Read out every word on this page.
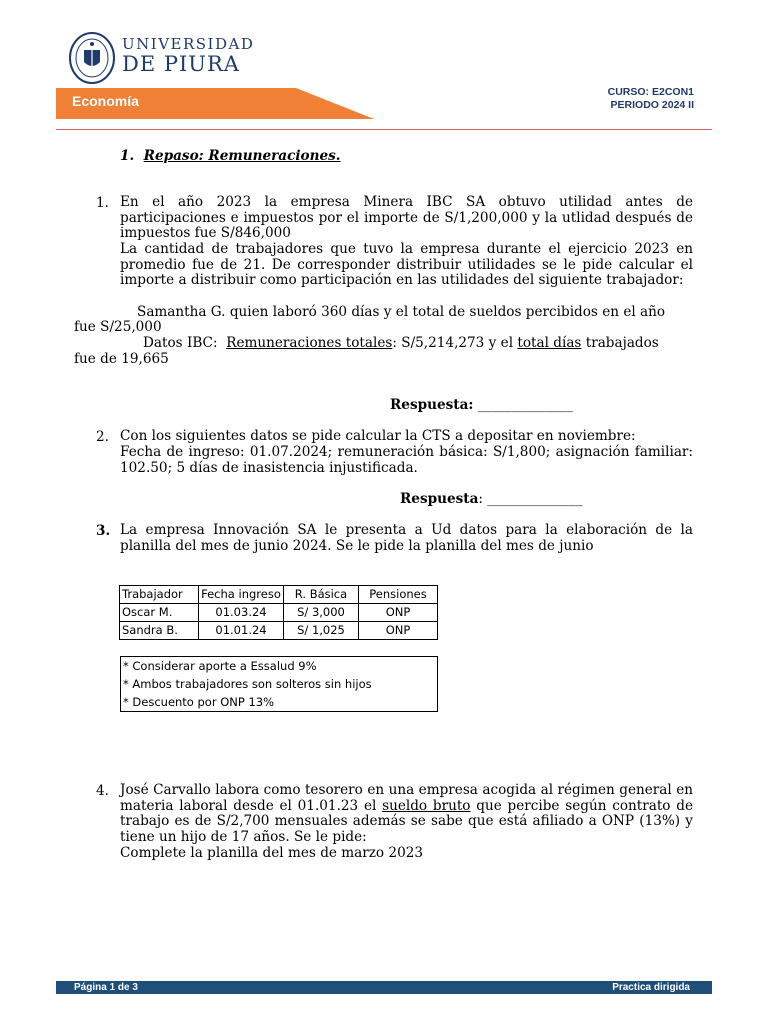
UNIVERSIDAD
DE PIURA
Economía
CURSO: E2CON1
PERIODO 2024 II
1. Repaso: Remuneraciones.
1. En el año 2023 la empresa Minera IBC SA obtuvo utilidad antes de participaciones e impuestos por el importe de S/1,200,000 y la utlidad después de impuestos fue S/846,000
La cantidad de trabajadores que tuvo la empresa durante el ejercicio 2023 en promedio fue de 21. De corresponder distribuir utilidades se le pide calcular el importe a distribuir como participación en las utilidades del siguiente trabajador:
Samantha G. quien laboró 360 días y el total de sueldos percibidos en el año
fue S/25,000
Datos IBC: Remuneraciones totales: S/5,214,273 y el total días trabajados
fue de 19,665
Respuesta: ______________
2. Con los siguientes datos se pide calcular la CTS a depositar en noviembre:
Fecha de ingreso: 01.07.2024; remuneración básica: S/1,800; asignación familiar: 102.50; 5 días de inasistencia injustificada.
Respuesta: ______________
3. La empresa Innovación SA le presenta a Ud datos para la elaboración de la planilla del mes de junio 2024. Se le pide la planilla del mes de junio
Trabajador	Fecha ingreso	R. Básica	Pensiones
Oscar M.	01.03.24	S/ 3,000	ONP
Sandra B.	01.01.24	S/ 1,025	ONP
* Considerar aporte a Essalud 9%
* Ambos trabajadores son solteros sin hijos
* Descuento por ONP 13%
4. José Carvallo labora como tesorero en una empresa acogida al régimen general en materia laboral desde el 01.01.23 el sueldo bruto que percibe según contrato de trabajo es de S/2,700 mensuales además se sabe que está afiliado a ONP (13%) y tiene un hijo de 17 años. Se le pide:
Complete la planilla del mes de marzo 2023
Página 1 de 3	Practica dirigida
